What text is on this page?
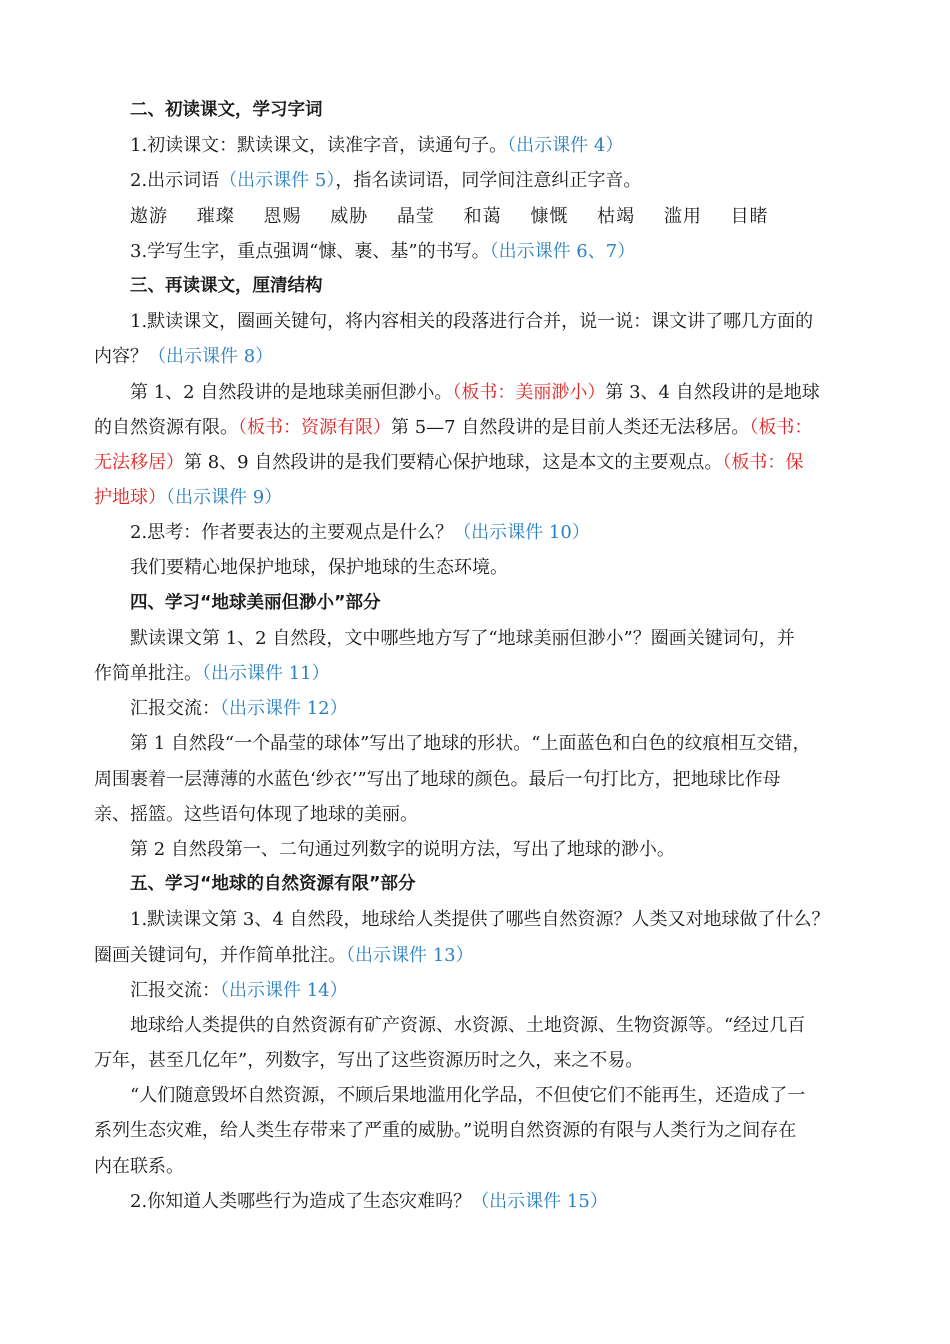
二、初读课文，学习字词
1.初读课文：默读课文，读准字音，读通句子。（出示课件 4）
2.出示词语（出示课件 5），指名读词语，同学间注意纠正字音。
遨游 璀璨 恩赐 威胁 晶莹 和蔼 慷慨 枯竭 滥用 目睹
3.学写生字，重点强调“慷、裹、基”的书写。（出示课件 6、7）
三、再读课文，厘清结构
1.默读课文，圈画关键句，将内容相关的段落进行合并，说一说：课文讲了哪几方面的
内容？（出示课件 8）
第 1、2 自然段讲的是地球美丽但渺小。（板书：美丽渺小）第 3、4 自然段讲的是地球
的自然资源有限。（板书：资源有限）第 5—7 自然段讲的是目前人类还无法移居。（板书：
无法移居）第 8、9 自然段讲的是我们要精心保护地球，这是本文的主要观点。（板书：保
护地球）（出示课件 9）
2.思考：作者要表达的主要观点是什么？（出示课件 10）
我们要精心地保护地球，保护地球的生态环境。
四、学习“地球美丽但渺小”部分
默读课文第 1、2 自然段，文中哪些地方写了“地球美丽但渺小”？圈画关键词句，并
作简单批注。（出示课件 11）
汇报交流：（出示课件 12）
第 1 自然段“一个晶莹的球体”写出了地球的形状。“上面蓝色和白色的纹痕相互交错，
周围裹着一层薄薄的水蓝色‘纱衣’”写出了地球的颜色。最后一句打比方，把地球比作母
亲、摇篮。这些语句体现了地球的美丽。
第 2 自然段第一、二句通过列数字的说明方法，写出了地球的渺小。
五、学习“地球的自然资源有限”部分
1.默读课文第 3、4 自然段，地球给人类提供了哪些自然资源？人类又对地球做了什么？
圈画关键词句，并作简单批注。（出示课件 13）
汇报交流：（出示课件 14）
地球给人类提供的自然资源有矿产资源、水资源、土地资源、生物资源等。“经过几百
万年，甚至几亿年”，列数字，写出了这些资源历时之久，来之不易。
“人们随意毁坏自然资源，不顾后果地滥用化学品，不但使它们不能再生，还造成了一
系列生态灾难，给人类生存带来了严重的威胁。”说明自然资源的有限与人类行为之间存在
内在联系。
2.你知道人类哪些行为造成了生态灾难吗？（出示课件 15）
